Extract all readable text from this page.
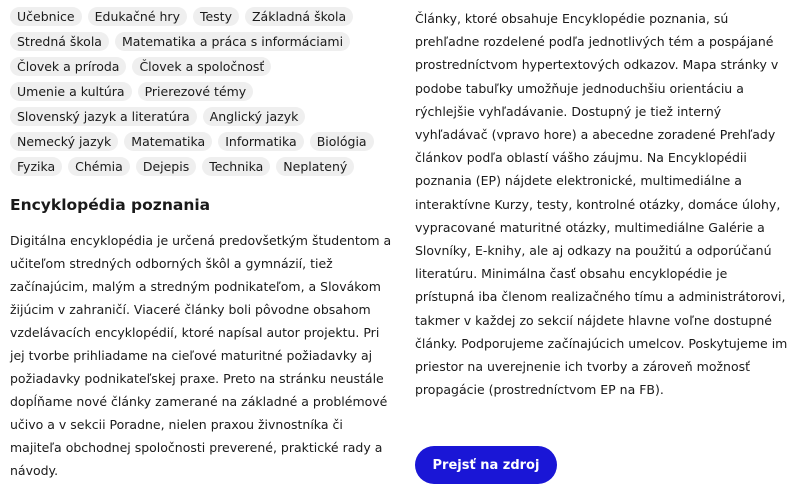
Učebnice	Edukačné hry	Testy	Základná škola
Stredná škola	Matematika a práca s informáciami
Človek a príroda	Človek a spoločnosť
Umenie a kultúra	Prierezové témy
Slovenský jazyk a literatúra	Anglický jazyk
Nemecký jazyk	Matematika	Informatika	Biológia
Fyzika	Chémia	Dejepis	Technika	Neplatený
Encyklopédia poznania

Digitálna encyklopédia je určená predovšetkým študentom a učiteľom stredných odborných škôl a gymnázií, tiež začínajúcim, malým a stredným podnikateľom, a Slovákom žijúcim v zahraničí. Viaceré články boli pôvodne obsahom vzdelávacích encyklopédií, ktoré napísal autor projektu. Pri jej tvorbe prihliadame na cieľové maturitné požiadavky aj požiadavky podnikateľskej praxe. Preto na stránku neustále dopĺňame nové články zamerané na základné a problémové učivo a v sekcii Poradne, nielen praxou živnostníka či majiteľa obchodnej spoločnosti preverené, praktické rady a návody.

Články, ktoré obsahuje Encyklopédie poznania, sú prehľadne rozdelené podľa jednotlivých tém a pospájané prostredníctvom hypertextových odkazov. Mapa stránky v podobe tabuľky umožňuje jednoduchšiu orientáciu a rýchlejšie vyhľadávanie. Dostupný je tiež interný vyhľadávač (vpravo hore) a abecedne zoradené Prehľady článkov podľa oblastí vášho záujmu. Na Encyklopédii poznania (EP) nájdete elektronické, multimediálne a interaktívne Kurzy, testy, kontrolné otázky, domáce úlohy, vypracované maturitné otázky, multimediálne Galérie a Slovníky, E-knihy, ale aj odkazy na použitú a odporúčanú literatúru. Minimálna časť obsahu encyklopédie je prístupná iba členom realizačného tímu a administrátorovi, takmer v každej zo sekcií nájdete hlavne voľne dostupné články. Podporujeme začínajúcich umelcov. Poskytujeme im priestor na uverejnenie ich tvorby a zároveň možnosť propagácie (prostredníctvom EP na FB).

Prejsť na zdroj
